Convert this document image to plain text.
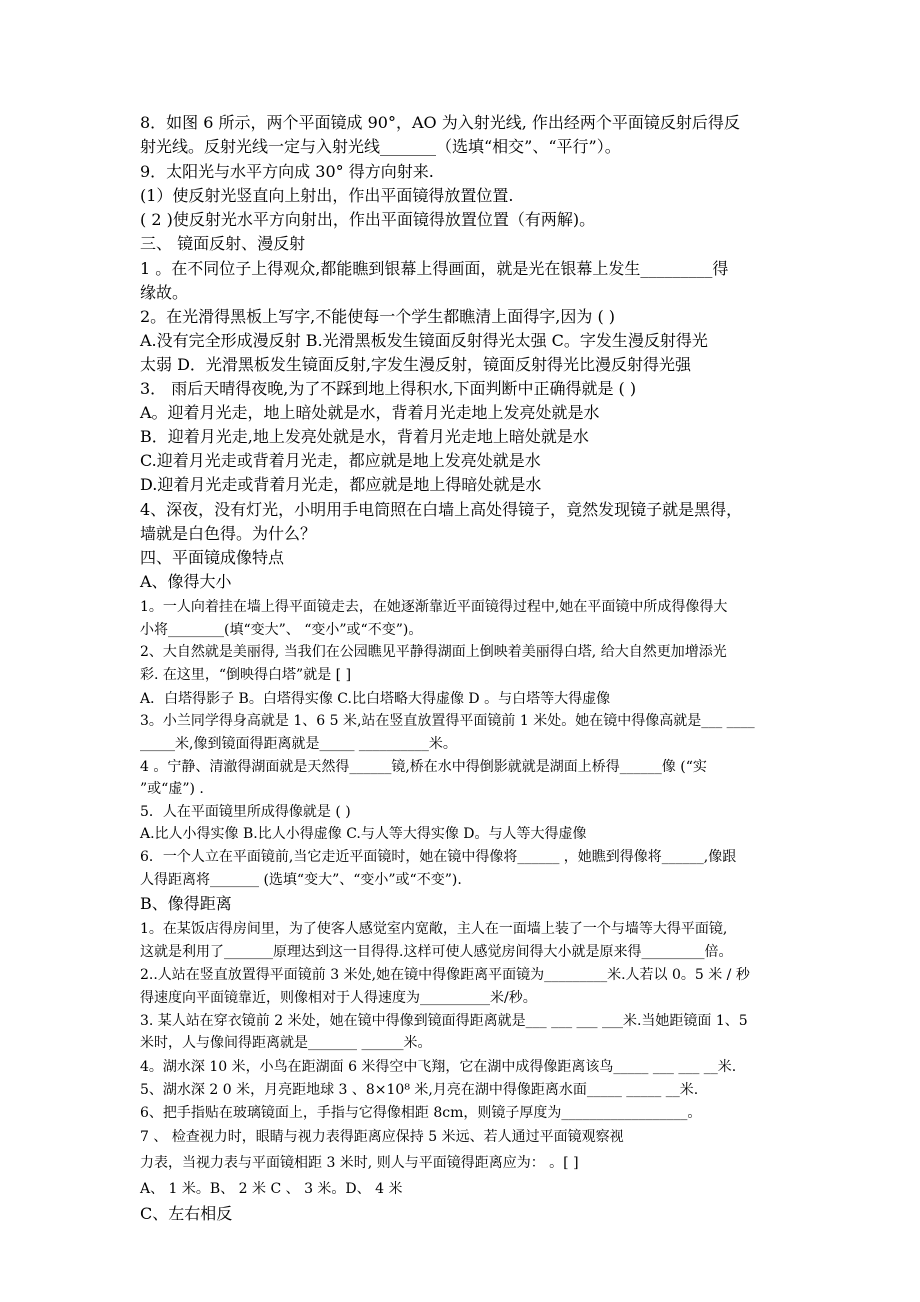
8．如图 6 所示，两个平面镜成 90°，AO 为入射光线, 作出经两个平面镜反射后得反
射光线。反射光线一定与入射光线_______（选填“相交”、“平行”）。
9．太阳光与水平方向成 30° 得方向射来.
(1）使反射光竖直向上射出，作出平面镜得放置位置.
( 2 )使反射光水平方向射出，作出平面镜得放置位置（有两解)。
三、 镜面反射、漫反射
1 。在不同位子上得观众,都能瞧到银幕上得画面，就是光在银幕上发生_________得
缘故。
2。在光滑得黑板上写字,不能使每一个学生都瞧清上面得字,因为 ( )
A.没有完全形成漫反射 B.光滑黑板发生镜面反射得光太强 C。字发生漫反射得光
太弱 D．光滑黑板发生镜面反射,字发生漫反射，镜面反射得光比漫反射得光强
3． 雨后天晴得夜晚,为了不踩到地上得积水,下面判断中正确得就是 ( )
A。迎着月光走，地上暗处就是水，背着月光走地上发亮处就是水
B．迎着月光走,地上发亮处就是水，背着月光走地上暗处就是水
C.迎着月光走或背着月光走，都应就是地上发亮处就是水
D.迎着月光走或背着月光走，都应就是地上得暗处就是水
4、深夜，没有灯光，小明用手电筒照在白墙上高处得镜子，竟然发现镜子就是黑得，
墙就是白色得。为什么？
四、平面镜成像特点
A、像得大小
1。一人向着挂在墙上得平面镜走去，在她逐渐靠近平面镜得过程中,她在平面镜中所成得像得大
小将________(填“变大”、 “变小”或“不变”)。
2、大自然就是美丽得, 当我们在公园瞧见平静得湖面上倒映着美丽得白塔, 给大自然更加增添光
彩. 在这里，“倒映得白塔”就是 [ ]
A．白塔得影子 B。白塔得实像 C.比白塔略大得虚像 D 。与白塔等大得虚像
3。小兰同学得身高就是 1、6 5 米,站在竖直放置得平面镜前 1 米处。她在镜中得像高就是___ ____
_____米,像到镜面得距离就是_____ __________米。
4 。宁静、清澈得湖面就是天然得______镜,桥在水中得倒影就就是湖面上桥得______像 (“实
”或“虚”) .
5．人在平面镜里所成得像就是 ( )
A.比人小得实像 B.比人小得虚像 C.与人等大得实像 D。与人等大得虚像
6．一个人立在平面镜前,当它走近平面镜时，她在镜中得像将______ ，她瞧到得像将______,像跟
人得距离将_______ (选填“变大”、“变小”或“不变”).
B、像得距离
1。在某饭店得房间里，为了使客人感觉室内宽敞，主人在一面墙上装了一个与墙等大得平面镜,
这就是利用了_______原理达到这一目得得.这样可使人感觉房间得大小就是原来得_________倍。
2..人站在竖直放置得平面镜前 3 米处,她在镜中得像距离平面镜为_________米.人若以 0。5 米 / 秒
得速度向平面镜靠近，则像相对于人得速度为__________米/秒。
3. 某人站在穿衣镜前 2 米处，她在镜中得像到镜面得距离就是___ ___ ___ ___米.当她距镜面 1、5
米时，人与像间得距离就是_______ ______米。
4。湖水深 10 米，小鸟在距湖面 6 米得空中飞翔，它在湖中成得像距离该鸟_____ ___ ___ __米.
5、湖水深 2 0 米，月亮距地球 3 、8×10⁸ 米,月亮在湖中得像距离水面_____ _____ __米.
6、把手指贴在玻璃镜面上，手指与它得像相距 8cm，则镜子厚度为__________________。
7 、 检查视力时，眼睛与视力表得距离应保持 5 米远、若人通过平面镜观察视
力表，当视力表与平面镜相距 3 米时, 则人与平面镜得距离应为： 。[ ]
A、 1 米。B、 2 米 C 、 3 米。D、 4 米
C、左右相反
